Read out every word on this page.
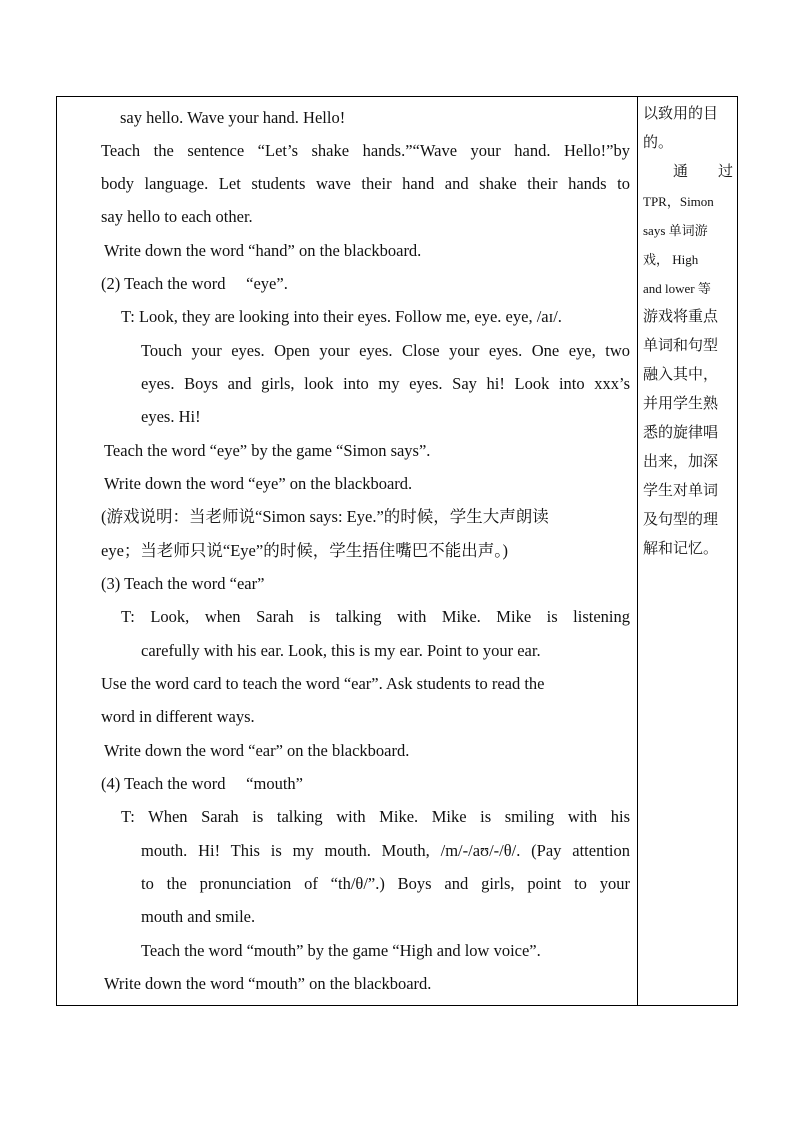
say hello. Wave your hand. Hello!
Teach the sentence “Let’s shake hands.”“Wave your hand. Hello!”by
body language. Let students wave their hand and shake their hands to
say hello to each other.
Write down the word “hand” on the blackboard.
(2) Teach the word 　“eye”.
T: Look, they are looking into their eyes. Follow me, eye. eye, /aɪ/.
Touch your eyes. Open your eyes. Close your eyes. One eye, two
eyes. Boys and girls, look into my eyes. Say hi! Look into xxx’s
eyes. Hi!
Teach the word “eye” by the game “Simon says”.
Write down the word “eye” on the blackboard.
(游戏说明：当老师说“Simon says: Eye.”的时候，学生大声朗读
eye；当老师只说“Eye”的时候，学生捂住嘴巴不能出声。)
(3) Teach the word “ear”
T: Look, when Sarah is talking with Mike. Mike is listening
carefully with his ear. Look, this is my ear. Point to your ear.
Use the word card to teach the word “ear”. Ask students to read the
word in different ways.
Write down the word “ear” on the blackboard.
(4) Teach the word 　“mouth”
T: When Sarah is talking with Mike. Mike is smiling with his
mouth. Hi! This is my mouth. Mouth, /m/-/aʊ/-/θ/. (Pay attention
to the pronunciation of “th/θ/”.) Boys and girls, point to your
mouth and smile.
Teach the word “mouth” by the game “High and low voice”.
Write down the word “mouth” on the blackboard.
以致用的目
的。
通　　过
TPR，Simon
says 单词游
戏， High
and lower 等
游戏将重点
单词和句型
融入其中，
并用学生熟
悉的旋律唱
出来，加深
学生对单词
及句型的理
解和记忆。
